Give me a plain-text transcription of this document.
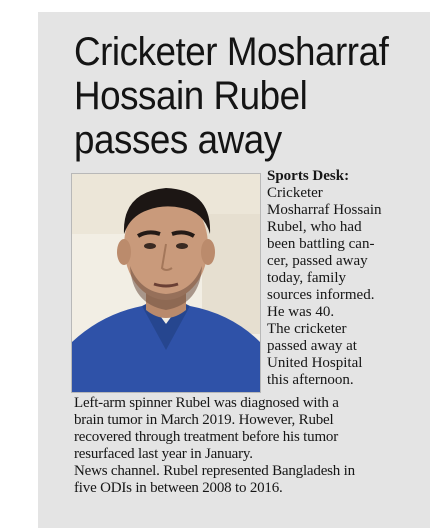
Cricketer Mosharraf
Hossain Rubel
passes away

Sports Desk:

Cricketer
Mosharraf Hossain
Rubel, who had
been battling can-
cer, passed away
today, family
sources informed.
He was 40.

The cricketer
passed away at
United Hospital
this afternoon.

Left-arm spinner Rubel was diagnosed with a
brain tumor in March 2019. However, Rubel
recovered through treatment before his tumor
resurfaced last year in January.

News channel. Rubel represented Bangladesh in
five ODIs in between 2008 to 2016.
